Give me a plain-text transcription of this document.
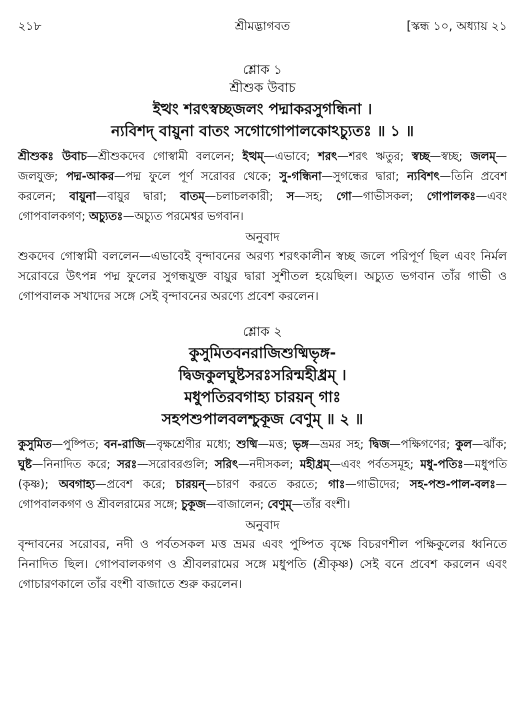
২১৮	শ্রীমদ্ভাগবত	[স্কন্ধ ১০, অধ্যায় ২১
শ্লোক ১
শ্রীশুক উবাচ
ইত্থং শরৎস্বচ্ছজলং পদ্মাকরসুগন্ধিনা ।
ন্যবিশদ্ বায়ুনা বাতং সগোগোপালকোঽচ্যুতঃ ॥ ১ ॥
শ্রীশুকঃ উবাচ—শ্রীশুকদেব গোস্বামী বললেন; ইত্থম্—এভাবে; শরৎ—শরৎ ঋতুর; স্বচ্ছ—স্বচ্ছ; জলম্—জলযুক্ত; পদ্ম-আকর—পদ্ম ফুলে পূর্ণ সরোবর থেকে; সু-গন্ধিনা—সুগন্ধের দ্বারা; ন্যবিশৎ—তিনি প্রবেশ করলেন; বায়ুনা—বায়ুর দ্বারা; বাতম্—চলাচলকারী; স—সহ; গো—গাভীসকল; গোপালকঃ—এবং গোপবালকগণ; অচ্যুতঃ—অচ্যুত পরমেশ্বর ভগবান।
অনুবাদ
শুকদেব গোস্বামী বললেন—এভাবেই বৃন্দাবনের অরণ্য শরৎকালীন স্বচ্ছ জলে পরিপূর্ণ ছিল এবং নির্মল সরোবরে উৎপন্ন পদ্ম ফুলের সুগন্ধযুক্ত বায়ুর দ্বারা সুশীতল হয়েছিল। অচ্যুত ভগবান তাঁর গাভী ও গোপবালক সখাদের সঙ্গে সেই বৃন্দাবনের অরণ্যে প্রবেশ করলেন।
শ্লোক ২
কুসুমিতবনরাজিশুষ্মিভৃঙ্গ-
দ্বিজকুলঘুষ্টসরঃসরিন্মহীধ্রম্ ।
মধুপতিরবগাহ্য চারয়ন্ গাঃ
সহপশুপালবলশ্চুকূজ বেণুম্ ॥ ২ ॥
কুসুমিত—পুষ্পিত; বন-রাজি—বৃক্ষশ্রেণীর মধ্যে; শুষ্মি—মত্ত; ভৃঙ্গ—ভ্রমর সহ; দ্বিজ—পক্ষিগণের; কুল—ঝাঁক; ঘুষ্ট—নিনাদিত করে; সরঃ—সরোবরগুলি; সরিৎ—নদীসকল; মহীধ্রম্—এবং পর্বতসমূহ; মধু-পতিঃ—মধুপতি (কৃষ্ণ); অবগাহ্য—প্রবেশ করে; চারয়ন্—চারণ করতে করতে; গাঃ—গাভীদের; সহ-পশু-পাল-বলঃ—গোপবালকগণ ও শ্রীবলরামের সঙ্গে; চুকূজ—বাজালেন; বেণুম্—তাঁর বংশী।
অনুবাদ
বৃন্দাবনের সরোবর, নদী ও পর্বতসকল মত্ত ভ্রমর এবং পুষ্পিত বৃক্ষে বিচরণশীল পক্ষিকুলের ধ্বনিতে নিনাদিত ছিল। গোপবালকগণ ও শ্রীবলরামের সঙ্গে মধুপতি (শ্রীকৃষ্ণ) সেই বনে প্রবেশ করলেন এবং গোচারণকালে তাঁর বংশী বাজাতে শুরু করলেন।
